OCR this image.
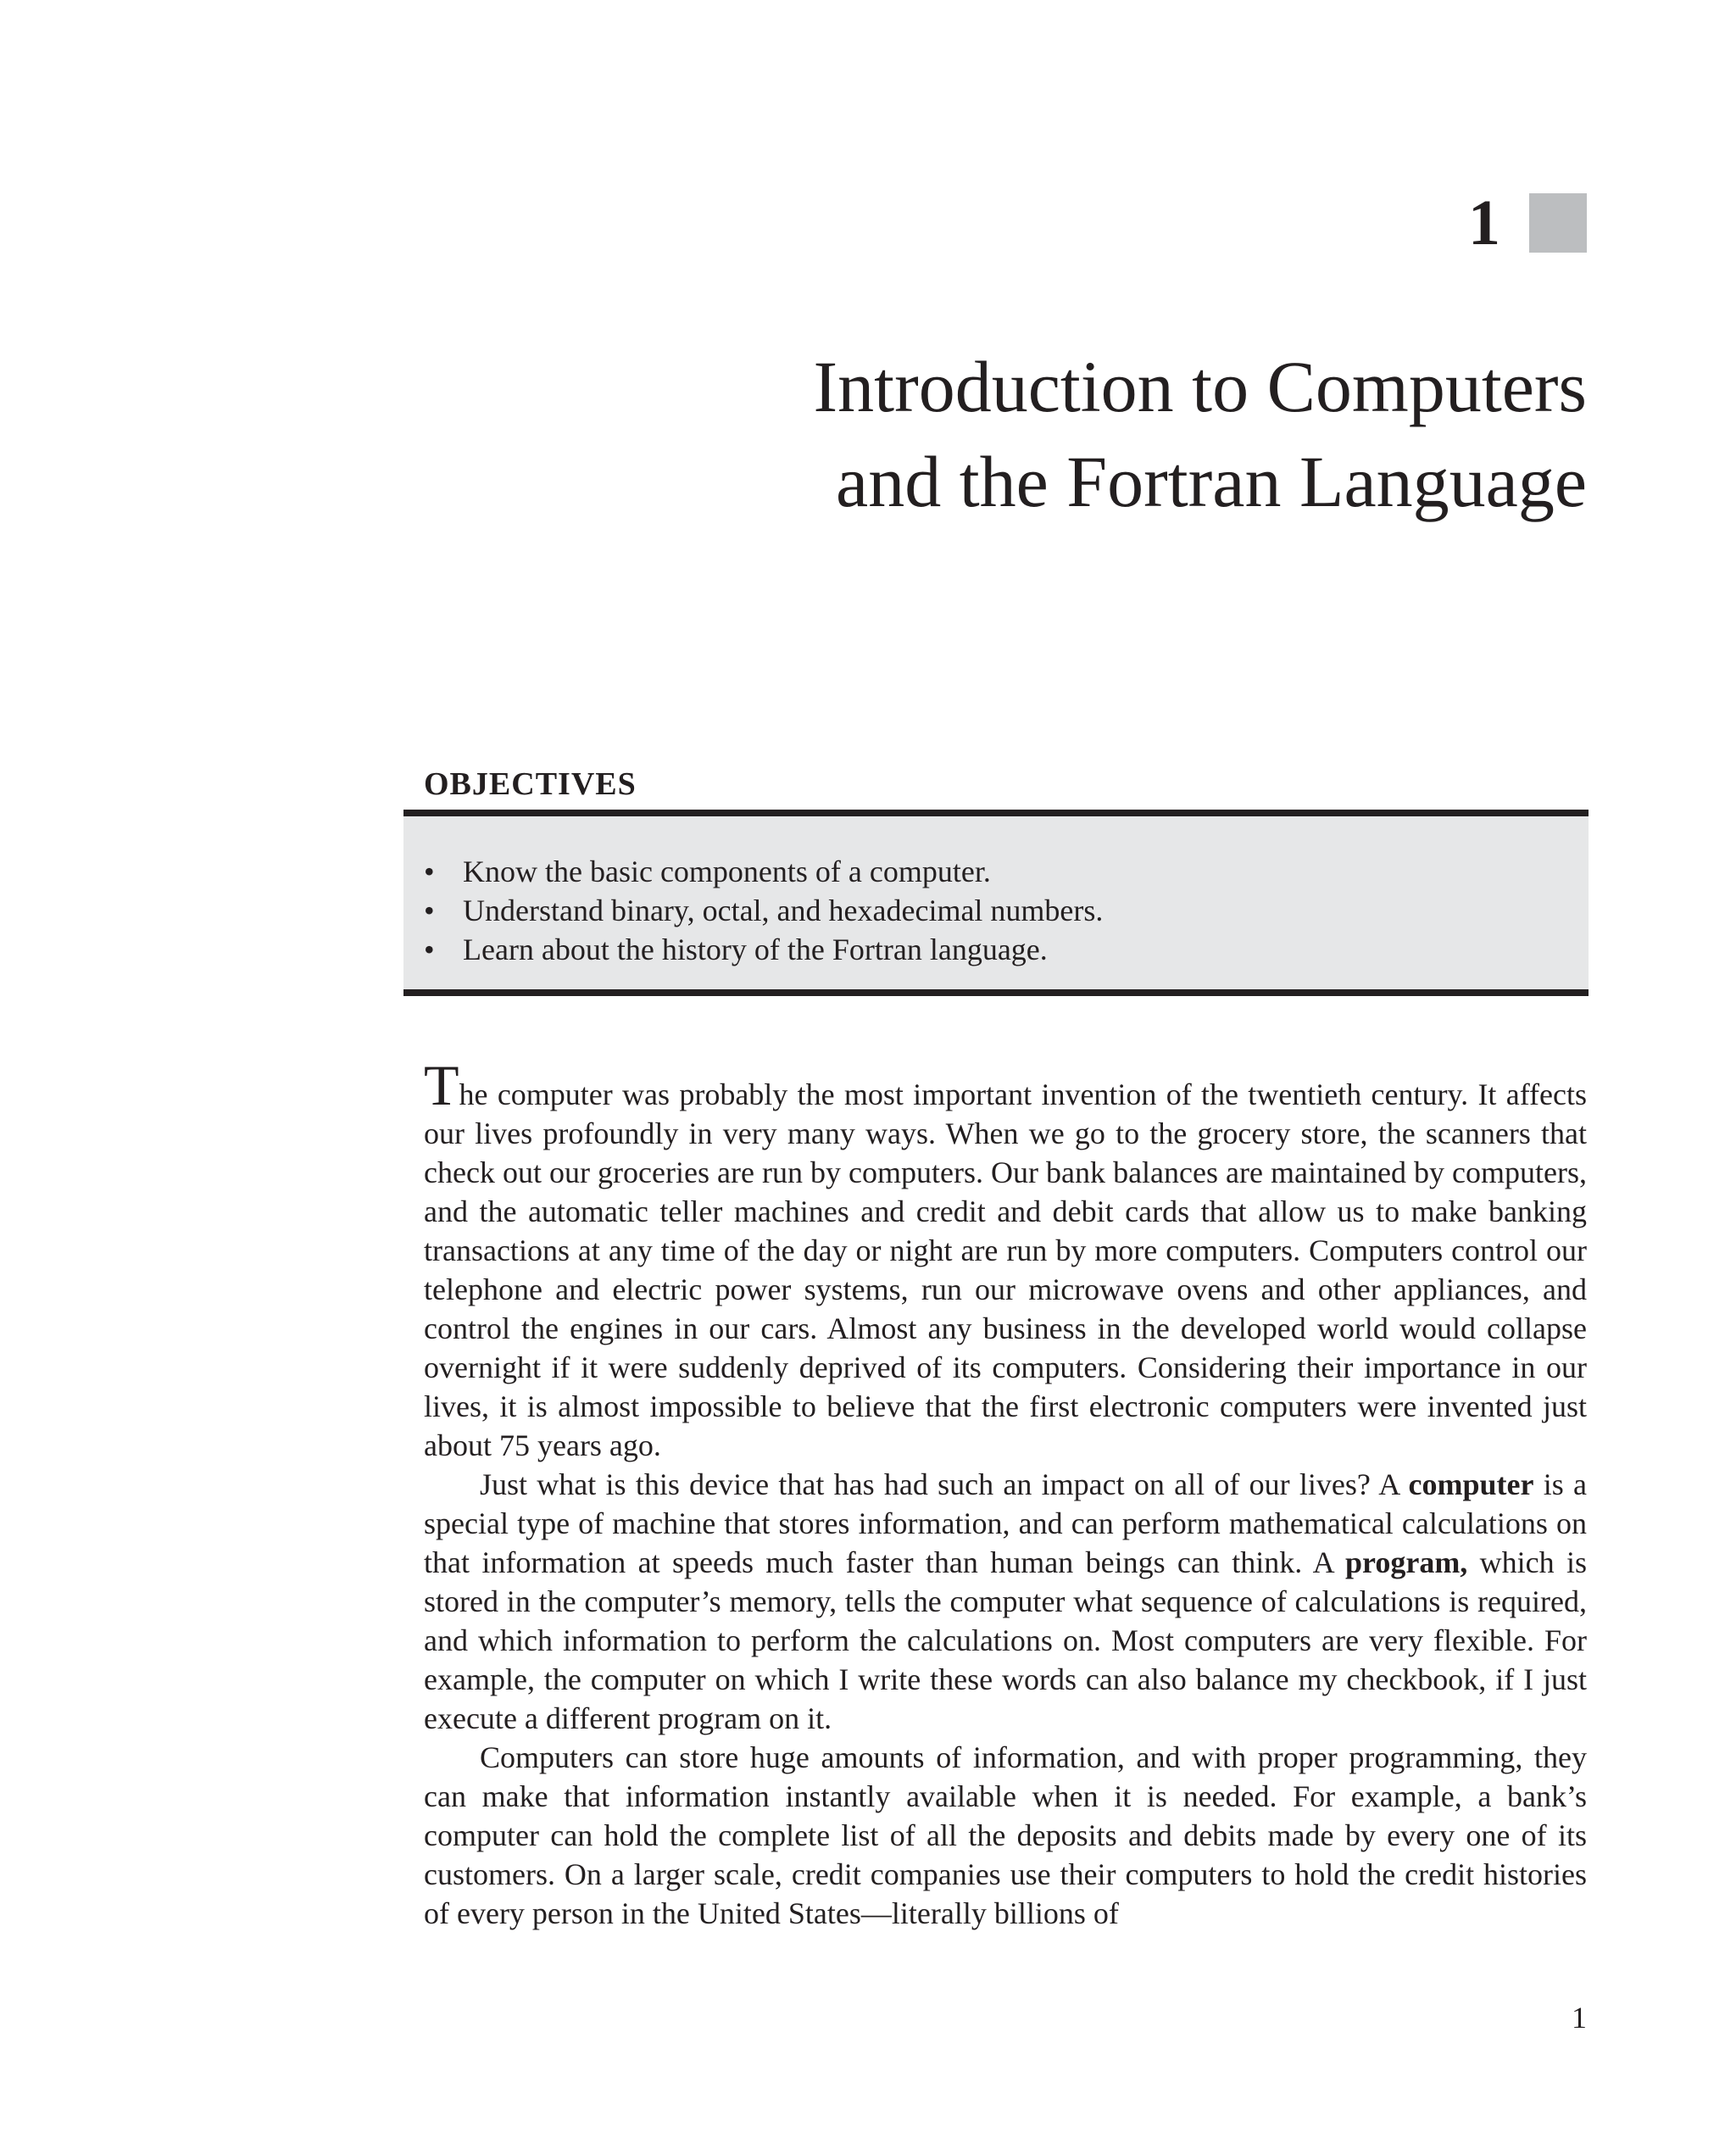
1
Introduction to Computers
and the Fortran Language
OBJECTIVES
• Know the basic components of a computer.
• Understand binary, octal, and hexadecimal numbers.
• Learn about the history of the Fortran language.

The computer was probably the most important invention of the twentieth century. It affects our lives profoundly in very many ways. When we go to the grocery store, the scanners that check out our groceries are run by computers. Our bank balances are maintained by computers, and the automatic teller machines and credit and debit cards that allow us to make banking transactions at any time of the day or night are run by more computers. Computers control our telephone and electric power systems, run our microwave ovens and other appliances, and control the engines in our cars. Almost any business in the developed world would collapse overnight if it were suddenly deprived of its computers. Considering their importance in our lives, it is almost impossible to believe that the first electronic computers were invented just about 75 years ago.

Just what is this device that has had such an impact on all of our lives? A computer is a special type of machine that stores information, and can perform mathematical calculations on that information at speeds much faster than human beings can think. A program, which is stored in the computer’s memory, tells the computer what sequence of calculations is required, and which information to perform the calculations on. Most computers are very flexible. For example, the computer on which I write these words can also balance my checkbook, if I just execute a different program on it.

Computers can store huge amounts of information, and with proper programming, they can make that information instantly available when it is needed. For example, a bank’s computer can hold the complete list of all the deposits and debits made by every one of its customers. On a larger scale, credit companies use their computers to hold the credit histories of every person in the United States—literally billions of

1
